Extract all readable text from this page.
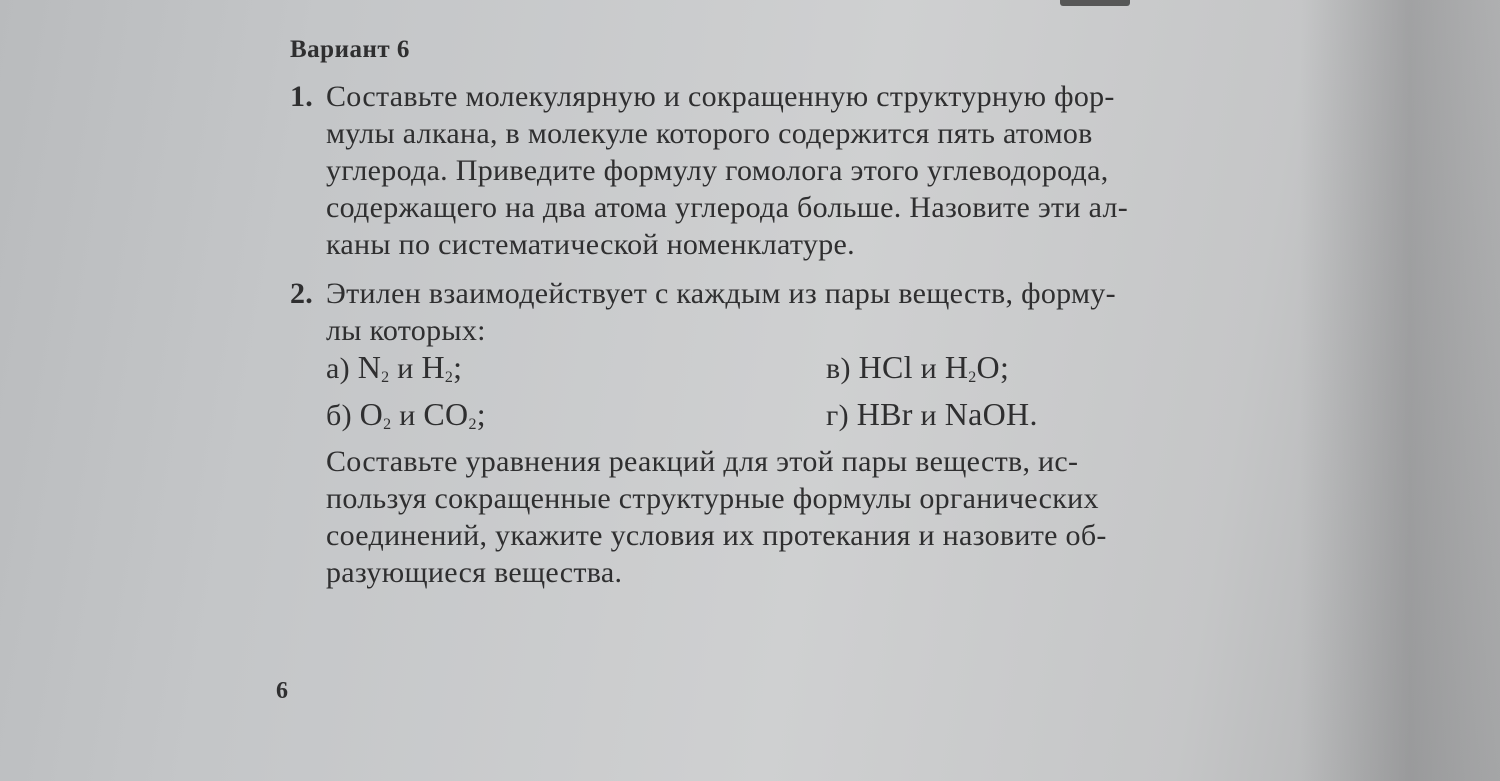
Вариант 6
1. Составьте молекулярную и сокращенную структурную фор-
мулы алкана, в молекуле которого содержится пять атомов
углерода. Приведите формулу гомолога этого углеводорода,
содержащего на два атома углерода больше. Назовите эти ал-
каны по систематической номенклатуре.
2. Этилен взаимодействует с каждым из пары веществ, форму-
лы которых:
а) $N_2$ и $H_2$;	в) HCl и $H_2O$;
б) $O_2$ и $CO_2$;	г) HBr и NaOH.
Составьте уравнения реакций для этой пары веществ, ис-
пользуя сокращенные структурные формулы органических
соединений, укажите условия их протекания и назовите об-
разующиеся вещества.
6
